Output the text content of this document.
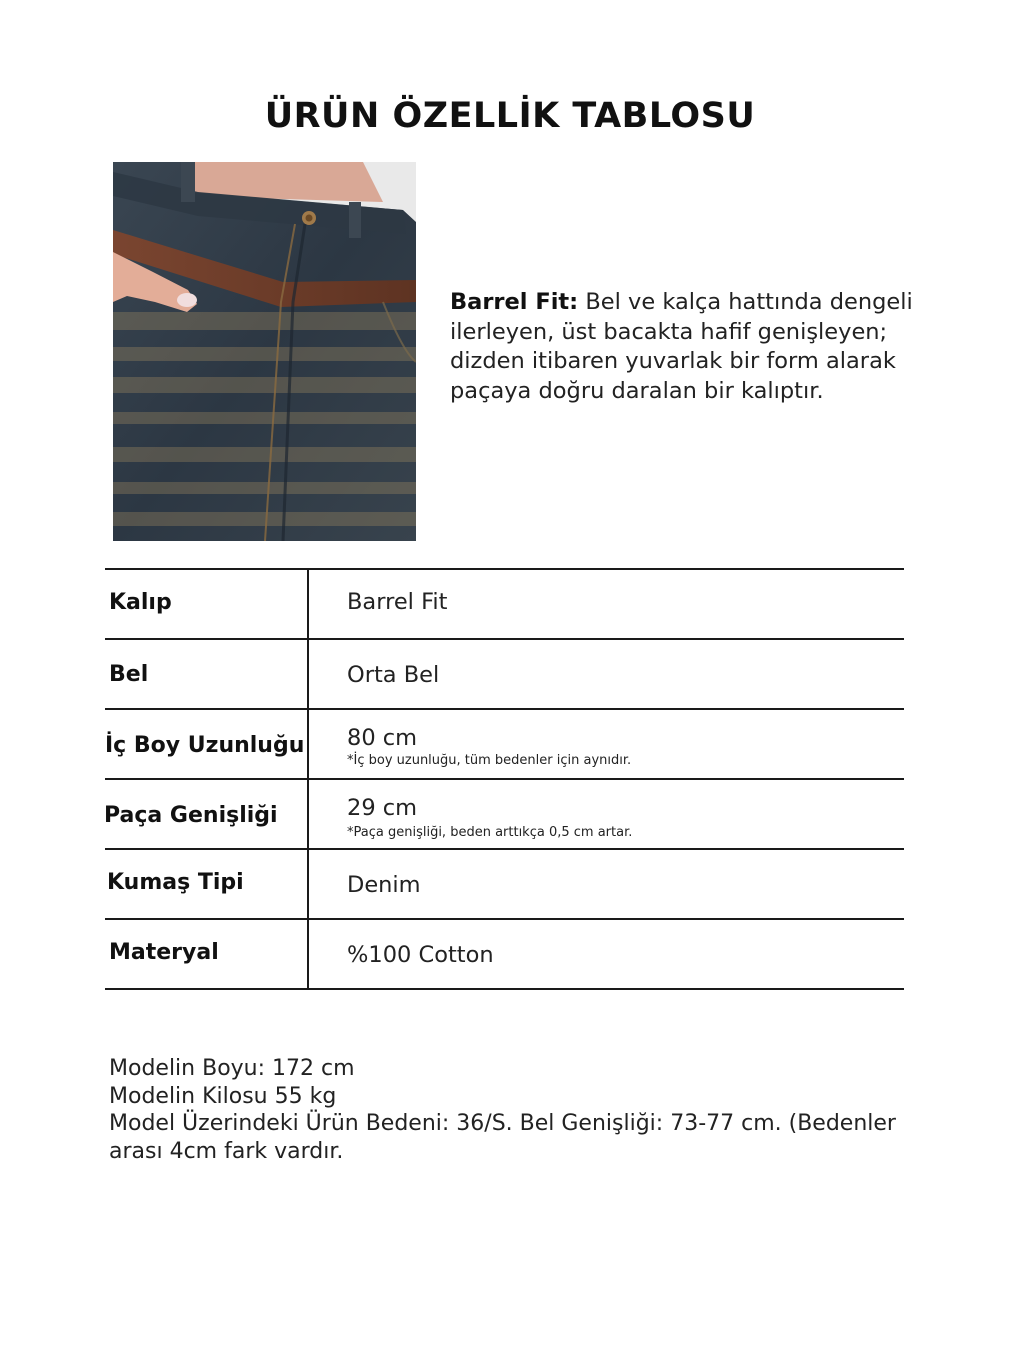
ÜRÜN ÖZELLİK TABLOSU
Barrel Fit: Bel ve kalça hattında dengeli ilerleyen, üst bacakta hafif genişleyen; dizden itibaren yuvarlak bir form alarak paçaya doğru daralan bir kalıptır.
Kalıp	Barrel Fit
Bel	Orta Bel
İç Boy Uzunluğu 80 cm
*İç boy uzunluğu, tüm bedenler için aynıdır.
Paça Genişliği	29 cm
*Paça genişliği, beden arttıkça 0,5 cm artar.
Kumaş Tipi	Denim
Materyal	%100 Cotton
Modelin Boyu: 172 cm
Modelin Kilosu 55 kg
Model Üzerindeki Ürün Bedeni: 36/S. Bel Genişliği: 73-77 cm. (Bedenler arası 4cm fark vardır.
